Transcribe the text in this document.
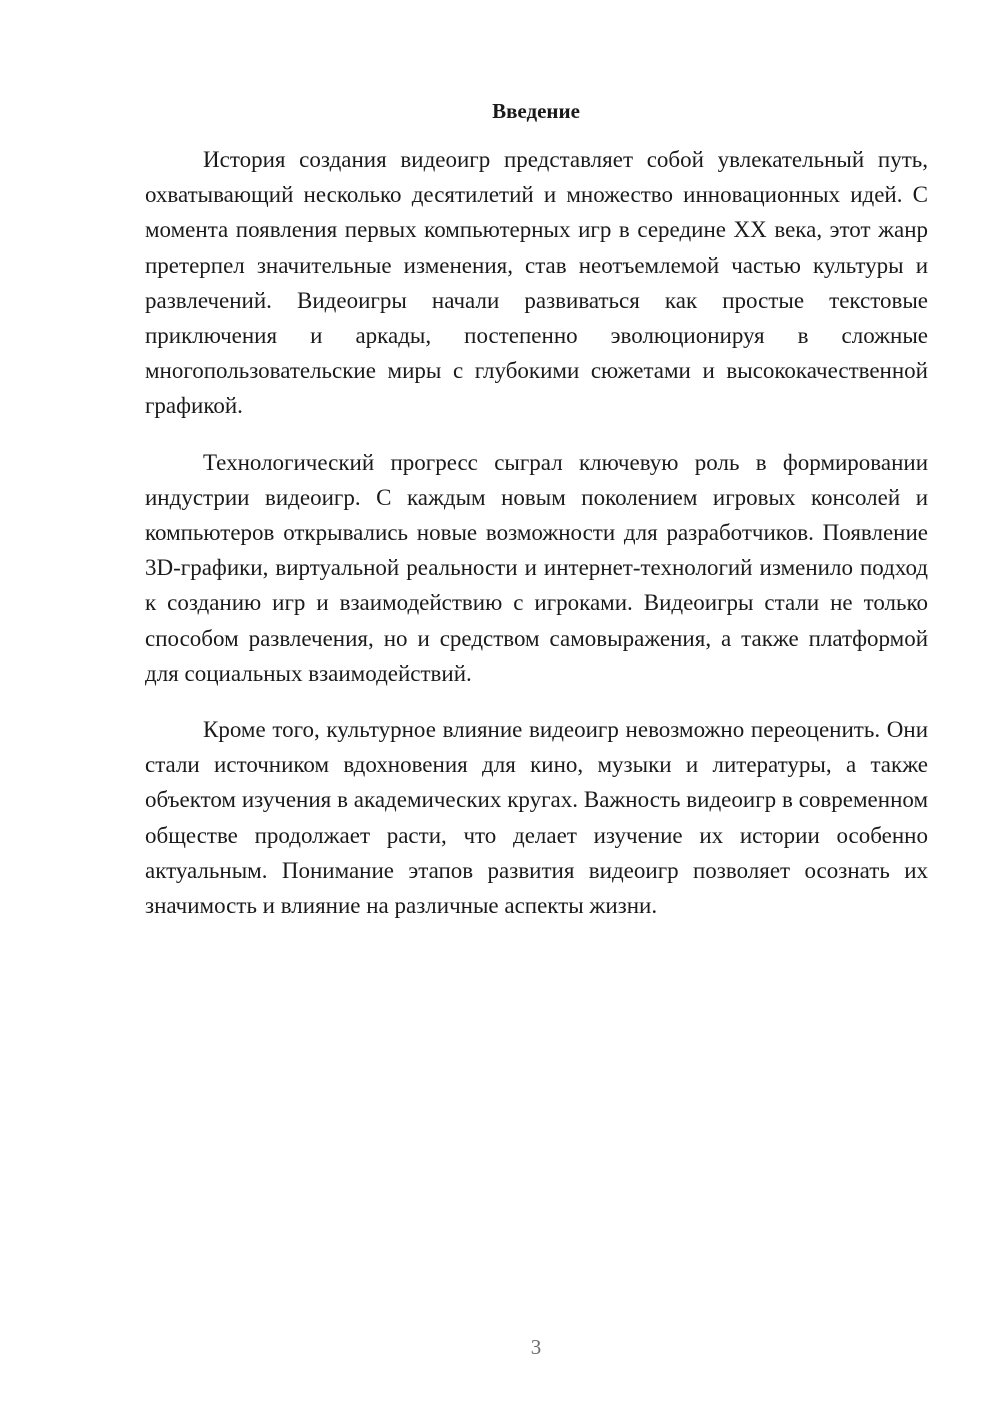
Введение

История создания видеоигр представляет собой увлекательный путь, охватывающий несколько десятилетий и множество инновационных идей. С момента появления первых компьютерных игр в середине XX века, этот жанр претерпел значительные изменения, став неотъемлемой частью культуры и развлечений. Видеоигры начали развиваться как простые текстовые приключения и аркады, постепенно эволюционируя в сложные многопользовательские миры с глубокими сюжетами и высококачественной графикой.

Технологический прогресс сыграл ключевую роль в формировании индустрии видеоигр. С каждым новым поколением игровых консолей и компьютеров открывались новые возможности для разработчиков. Появление 3D-графики, виртуальной реальности и интернет-технологий изменило подход к созданию игр и взаимодействию с игроками. Видеоигры стали не только способом развлечения, но и средством самовыражения, а также платформой для социальных взаимодействий.

Кроме того, культурное влияние видеоигр невозможно переоценить. Они стали источником вдохновения для кино, музыки и литературы, а также объектом изучения в академических кругах. Важность видеоигр в современном обществе продолжает расти, что делает изучение их истории особенно актуальным. Понимание этапов развития видеоигр позволяет осознать их значимость и влияние на различные аспекты жизни.

3
